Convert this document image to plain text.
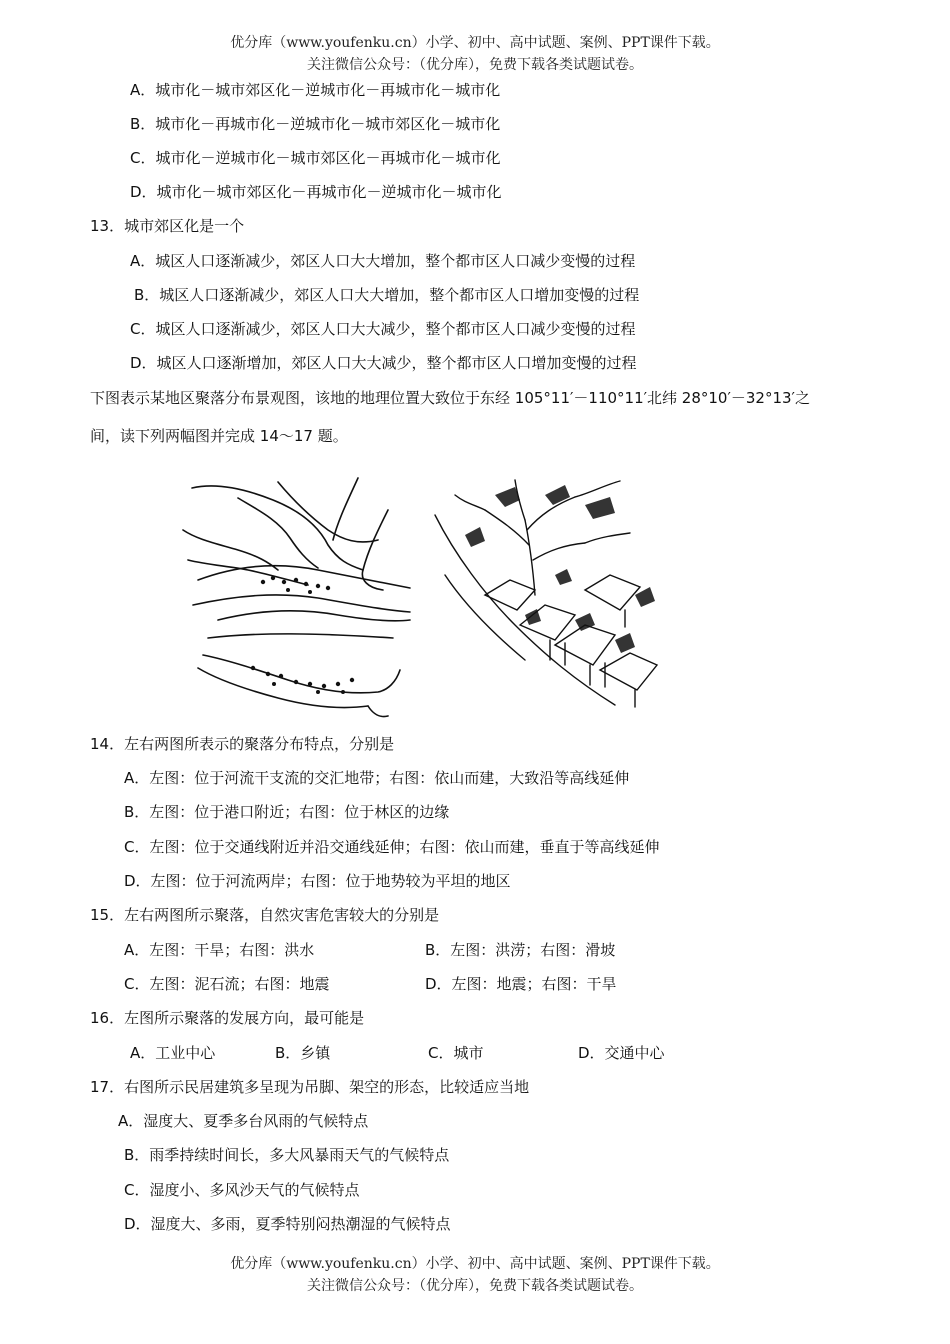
优分库（www.youfenku.cn）小学、初中、高中试题、案例、PPT课件下载。
关注微信公众号：（优分库），免费下载各类试题试卷。
A．城市化－城市郊区化－逆城市化－再城市化－城市化
B．城市化－再城市化－逆城市化－城市郊区化－城市化
C．城市化－逆城市化－城市郊区化－再城市化－城市化
D．城市化－城市郊区化－再城市化－逆城市化－城市化
13．城市郊区化是一个
A．城区人口逐渐减少，郊区人口大大增加，整个都市区人口减少变慢的过程
B．城区人口逐渐减少，郊区人口大大增加，整个都市区人口增加变慢的过程
C．城区人口逐渐减少，郊区人口大大减少，整个都市区人口减少变慢的过程
D．城区人口逐渐增加，郊区人口大大减少，整个都市区人口增加变慢的过程
下图表示某地区聚落分布景观图，该地的地理位置大致位于东经 105°11′－110°11′北纬 28°10′－32°13′之
间，读下列两幅图并完成 14～17 题。
14．左右两图所表示的聚落分布特点，分别是
A．左图：位于河流干支流的交汇地带；右图：依山而建，大致沿等高线延伸
B．左图：位于港口附近；右图：位于林区的边缘
C．左图：位于交通线附近并沿交通线延伸；右图：依山而建，垂直于等高线延伸
D．左图：位于河流两岸；右图：位于地势较为平坦的地区
15．左右两图所示聚落，自然灾害危害较大的分别是
A．左图：干旱；右图：洪水	B．左图：洪涝；右图：滑坡
C．左图：泥石流；右图：地震	D．左图：地震；右图：干旱
16．左图所示聚落的发展方向，最可能是
A．工业中心	B．乡镇	C．城市	D．交通中心
17．右图所示民居建筑多呈现为吊脚、架空的形态，比较适应当地
A．湿度大、夏季多台风雨的气候特点
B．雨季持续时间长，多大风暴雨天气的气候特点
C．湿度小、多风沙天气的气候特点
D．湿度大、多雨，夏季特别闷热潮湿的气候特点
优分库（www.youfenku.cn）小学、初中、高中试题、案例、PPT课件下载。
关注微信公众号：（优分库），免费下载各类试题试卷。
